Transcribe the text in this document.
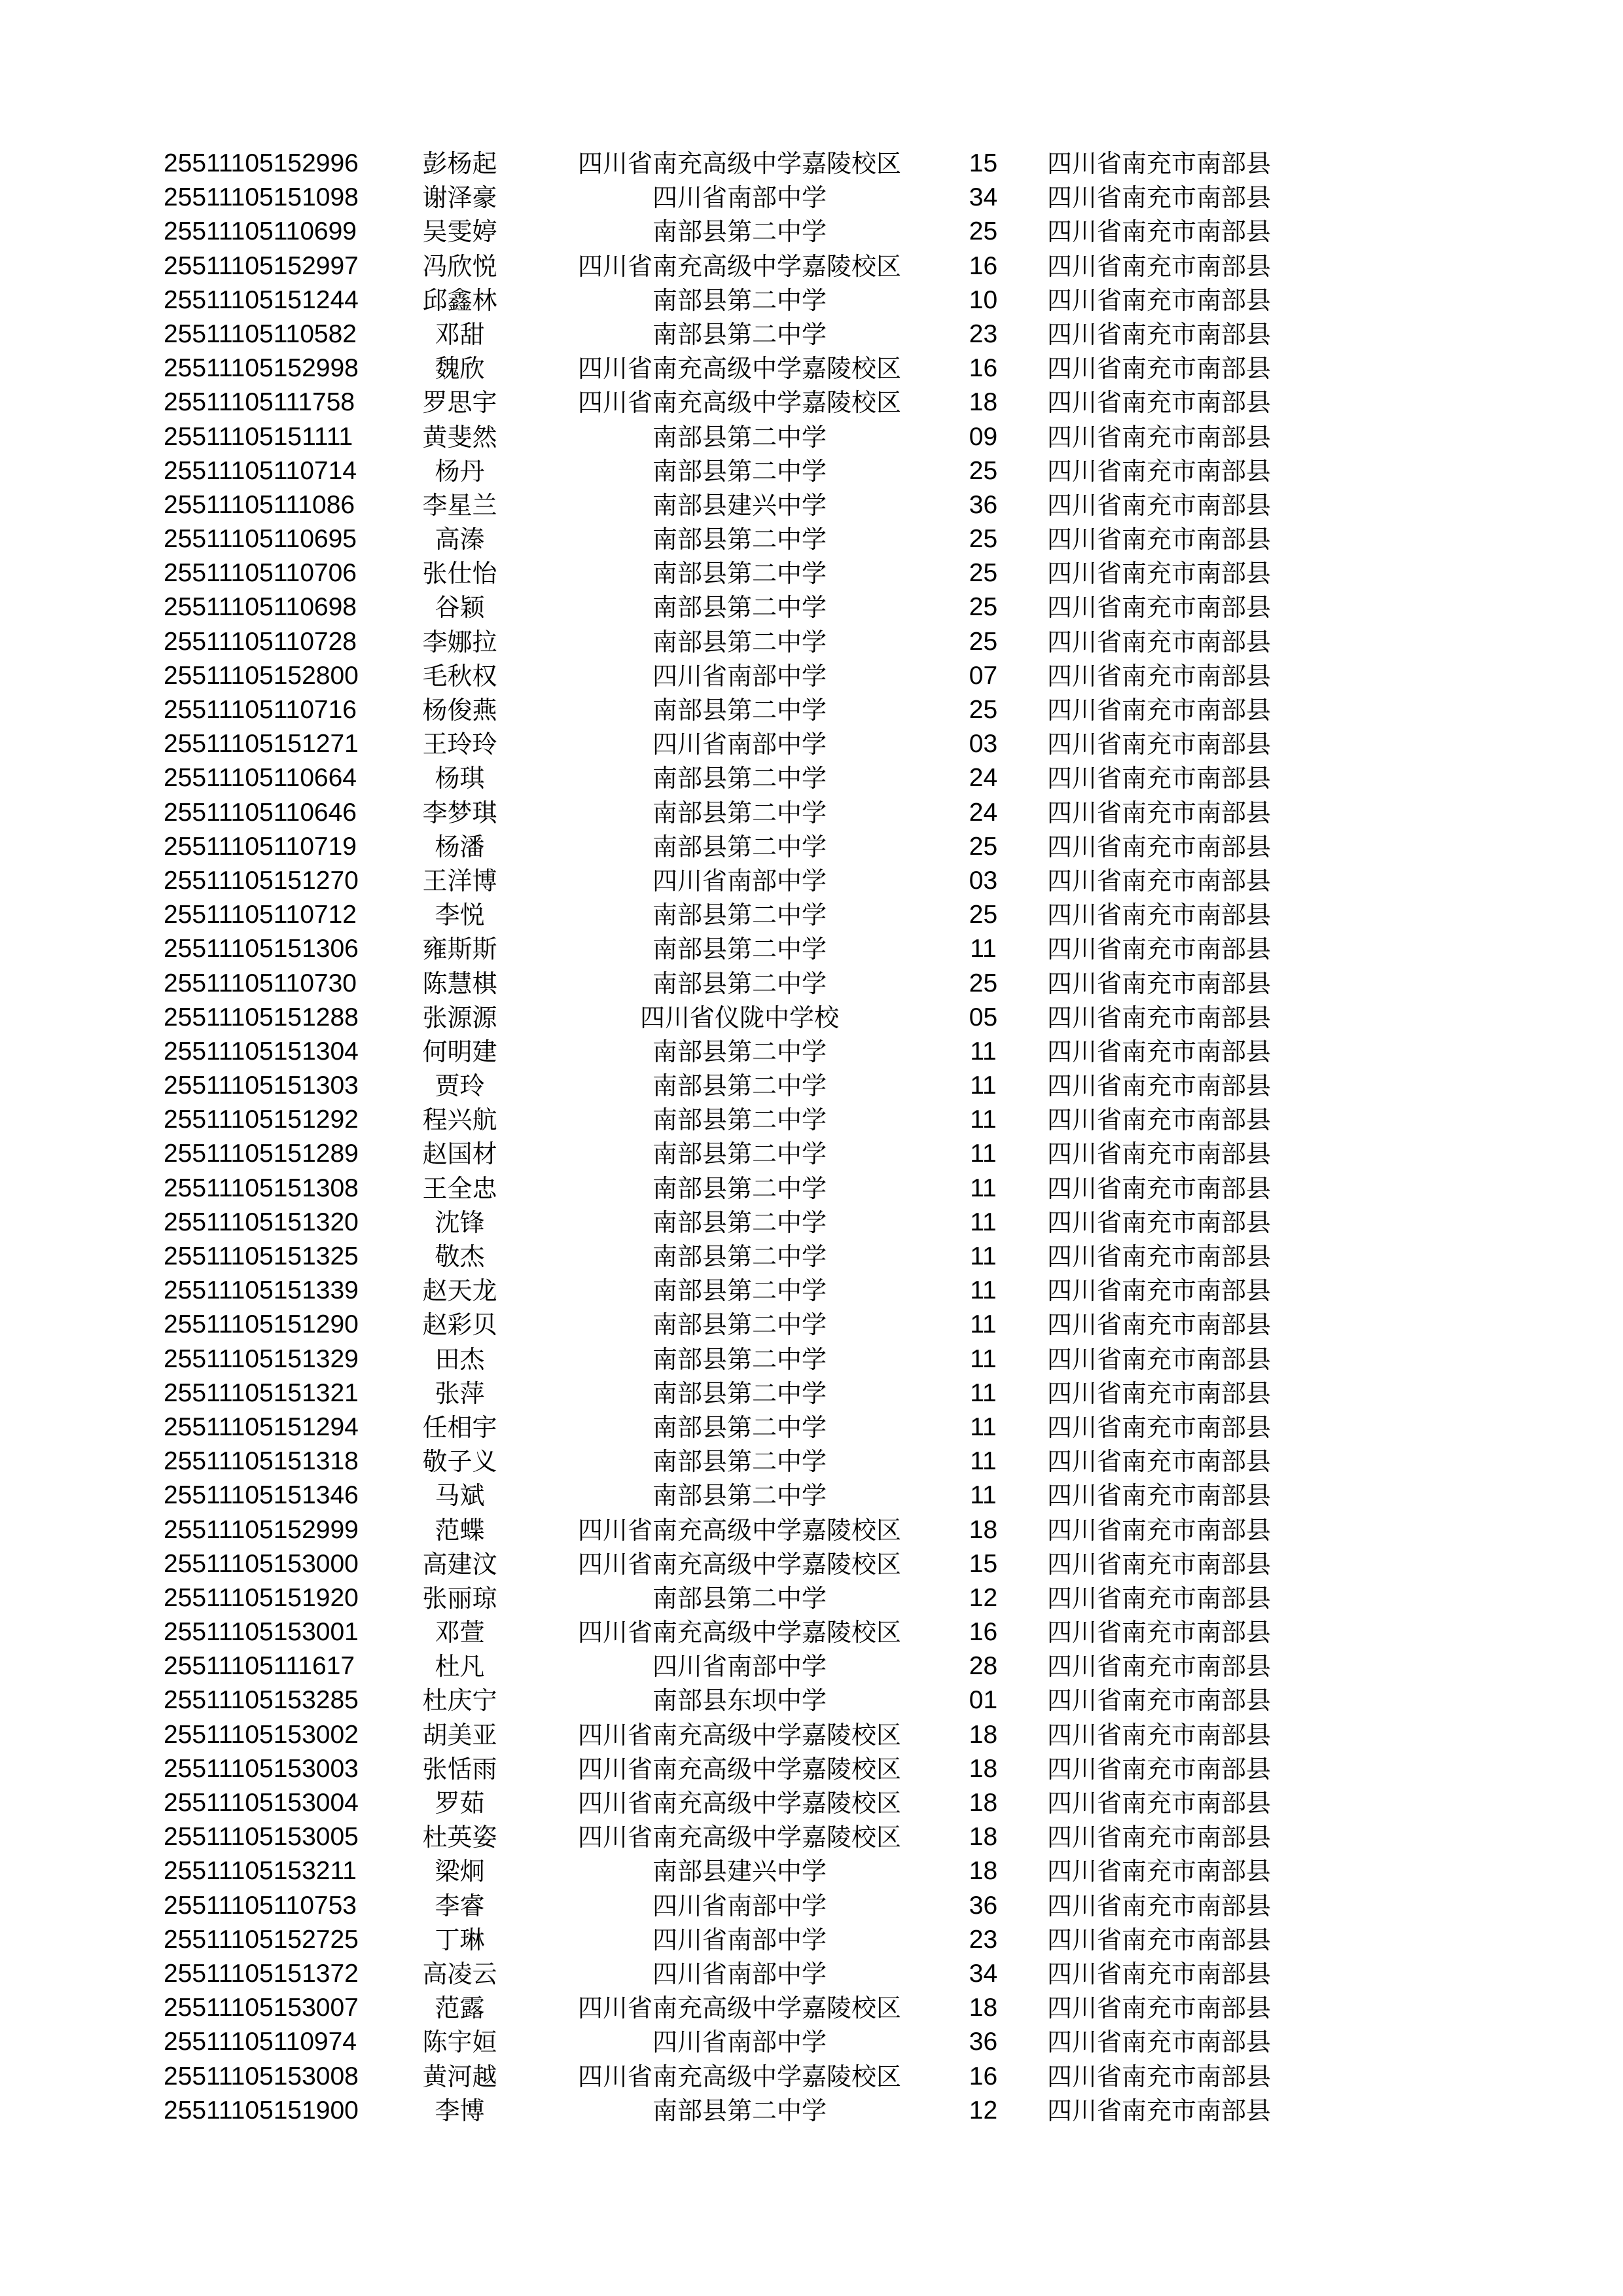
25511105152996	彭杨起	四川省南充高级中学嘉陵校区	15	四川省南充市南部县
25511105151098	谢泽豪	四川省南部中学	34	四川省南充市南部县
25511105110699	吴雯婷	南部县第二中学	25	四川省南充市南部县
25511105152997	冯欣悦	四川省南充高级中学嘉陵校区	16	四川省南充市南部县
25511105151244	邱鑫林	南部县第二中学	10	四川省南充市南部县
25511105110582	邓甜	南部县第二中学	23	四川省南充市南部县
25511105152998	魏欣	四川省南充高级中学嘉陵校区	16	四川省南充市南部县
25511105111758	罗思宇	四川省南充高级中学嘉陵校区	18	四川省南充市南部县
25511105151111	黄斐然	南部县第二中学	09	四川省南充市南部县
25511105110714	杨丹	南部县第二中学	25	四川省南充市南部县
25511105111086	李星兰	南部县建兴中学	36	四川省南充市南部县
25511105110695	高溱	南部县第二中学	25	四川省南充市南部县
25511105110706	张仕怡	南部县第二中学	25	四川省南充市南部县
25511105110698	谷颖	南部县第二中学	25	四川省南充市南部县
25511105110728	李娜拉	南部县第二中学	25	四川省南充市南部县
25511105152800	毛秋权	四川省南部中学	07	四川省南充市南部县
25511105110716	杨俊燕	南部县第二中学	25	四川省南充市南部县
25511105151271	王玲玲	四川省南部中学	03	四川省南充市南部县
25511105110664	杨琪	南部县第二中学	24	四川省南充市南部县
25511105110646	李梦琪	南部县第二中学	24	四川省南充市南部县
25511105110719	杨潘	南部县第二中学	25	四川省南充市南部县
25511105151270	王洋博	四川省南部中学	03	四川省南充市南部县
25511105110712	李悦	南部县第二中学	25	四川省南充市南部县
25511105151306	雍斯斯	南部县第二中学	11	四川省南充市南部县
25511105110730	陈慧棋	南部县第二中学	25	四川省南充市南部县
25511105151288	张源源	四川省仪陇中学校	05	四川省南充市南部县
25511105151304	何明建	南部县第二中学	11	四川省南充市南部县
25511105151303	贾玲	南部县第二中学	11	四川省南充市南部县
25511105151292	程兴航	南部县第二中学	11	四川省南充市南部县
25511105151289	赵国材	南部县第二中学	11	四川省南充市南部县
25511105151308	王全忠	南部县第二中学	11	四川省南充市南部县
25511105151320	沈锋	南部县第二中学	11	四川省南充市南部县
25511105151325	敬杰	南部县第二中学	11	四川省南充市南部县
25511105151339	赵天龙	南部县第二中学	11	四川省南充市南部县
25511105151290	赵彩贝	南部县第二中学	11	四川省南充市南部县
25511105151329	田杰	南部县第二中学	11	四川省南充市南部县
25511105151321	张萍	南部县第二中学	11	四川省南充市南部县
25511105151294	任相宇	南部县第二中学	11	四川省南充市南部县
25511105151318	敬子义	南部县第二中学	11	四川省南充市南部县
25511105151346	马斌	南部县第二中学	11	四川省南充市南部县
25511105152999	范蝶	四川省南充高级中学嘉陵校区	18	四川省南充市南部县
25511105153000	高建汶	四川省南充高级中学嘉陵校区	15	四川省南充市南部县
25511105151920	张丽琼	南部县第二中学	12	四川省南充市南部县
25511105153001	邓萱	四川省南充高级中学嘉陵校区	16	四川省南充市南部县
25511105111617	杜凡	四川省南部中学	28	四川省南充市南部县
25511105153285	杜庆宁	南部县东坝中学	01	四川省南充市南部县
25511105153002	胡美亚	四川省南充高级中学嘉陵校区	18	四川省南充市南部县
25511105153003	张恬雨	四川省南充高级中学嘉陵校区	18	四川省南充市南部县
25511105153004	罗茹	四川省南充高级中学嘉陵校区	18	四川省南充市南部县
25511105153005	杜英姿	四川省南充高级中学嘉陵校区	18	四川省南充市南部县
25511105153211	梁炯	南部县建兴中学	18	四川省南充市南部县
25511105110753	李睿	四川省南部中学	36	四川省南充市南部县
25511105152725	丁琳	四川省南部中学	23	四川省南充市南部县
25511105151372	高凌云	四川省南部中学	34	四川省南充市南部县
25511105153007	范露	四川省南充高级中学嘉陵校区	18	四川省南充市南部县
25511105110974	陈宇姮	四川省南部中学	36	四川省南充市南部县
25511105153008	黄河越	四川省南充高级中学嘉陵校区	16	四川省南充市南部县
25511105151900	李博	南部县第二中学	12	四川省南充市南部县
